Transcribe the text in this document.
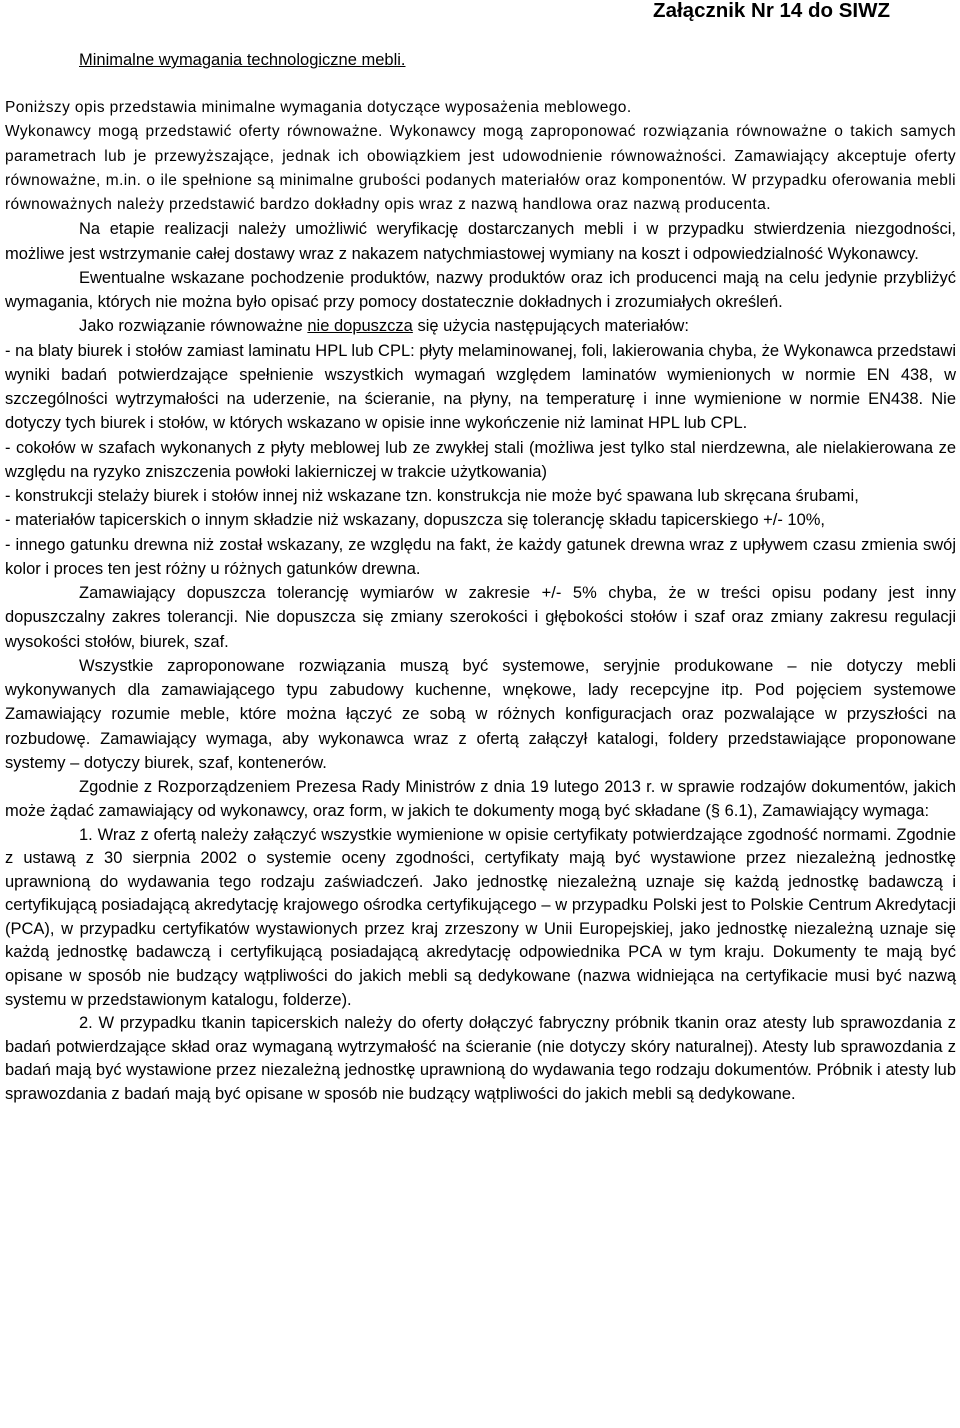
Załącznik Nr 14 do SIWZ

Minimalne wymagania technologiczne mebli.

Poniższy opis przedstawia minimalne wymagania dotyczące wyposażenia meblowego.

Wykonawcy mogą przedstawić oferty równoważne. Wykonawcy mogą zaproponować rozwiązania równoważne o takich samych parametrach lub je przewyższające, jednak ich obowiązkiem jest udowodnienie równoważności. Zamawiający akceptuje oferty równoważne, m.in. o ile spełnione są minimalne grubości podanych materiałów oraz komponentów. W przypadku oferowania mebli równoważnych należy przedstawić bardzo dokładny opis wraz z nazwą handlowa oraz nazwą producenta.

Na etapie realizacji należy umożliwić weryfikację dostarczanych mebli i w przypadku stwierdzenia niezgodności, możliwe jest wstrzymanie całej dostawy wraz z nakazem natychmiastowej wymiany na koszt i odpowiedzialność Wykonawcy.

Ewentualne wskazane pochodzenie produktów, nazwy produktów oraz ich producenci mają na celu jedynie przybliżyć wymagania, których nie można było opisać przy pomocy dostatecznie dokładnych i zrozumiałych określeń.

Jako rozwiązanie równoważne nie dopuszcza się użycia następujących materiałów:

- na blaty biurek i stołów zamiast laminatu HPL lub CPL: płyty melaminowanej, foli, lakierowania chyba, że Wykonawca przedstawi wyniki badań potwierdzające spełnienie wszystkich wymagań względem laminatów wymienionych w normie EN 438, w szczególności wytrzymałości na uderzenie, na ścieranie, na płyny, na temperaturę i inne wymienione w normie EN438. Nie dotyczy tych biurek i stołów, w których wskazano w opisie inne wykończenie niż laminat HPL lub CPL.

- cokołów w szafach wykonanych z płyty meblowej lub ze zwykłej stali (możliwa jest tylko stal nierdzewna, ale nielakierowana ze względu na ryzyko zniszczenia powłoki lakierniczej w trakcie użytkowania)

- konstrukcji stelaży biurek i stołów innej niż wskazane tzn. konstrukcja nie może być spawana lub skręcana śrubami,

- materiałów tapicerskich o innym składzie niż wskazany, dopuszcza się tolerancję składu tapicerskiego +/- 10%,

- innego gatunku drewna niż został wskazany, ze względu na fakt, że każdy gatunek drewna wraz z upływem czasu zmienia swój kolor i proces ten jest różny u różnych gatunków drewna.

Zamawiający dopuszcza tolerancję wymiarów w zakresie +/- 5% chyba, że w treści opisu podany jest inny dopuszczalny zakres tolerancji. Nie dopuszcza się zmiany szerokości i głębokości stołów i szaf oraz zmiany zakresu regulacji wysokości stołów, biurek, szaf.

Wszystkie zaproponowane rozwiązania muszą być systemowe, seryjnie produkowane – nie dotyczy mebli wykonywanych dla zamawiającego typu zabudowy kuchenne, wnękowe, lady recepcyjne itp. Pod pojęciem systemowe Zamawiający rozumie meble, które można łączyć ze sobą w różnych konfiguracjach oraz pozwalające w przyszłości na rozbudowę. Zamawiający wymaga, aby wykonawca wraz z ofertą załączył katalogi, foldery przedstawiające proponowane systemy – dotyczy biurek, szaf, kontenerów.

Zgodnie z Rozporządzeniem Prezesa Rady Ministrów z dnia 19 lutego 2013 r. w sprawie rodzajów dokumentów, jakich może żądać zamawiający od wykonawcy, oraz form, w jakich te dokumenty mogą być składane (§ 6.1), Zamawiający wymaga:

1. Wraz z ofertą należy załączyć wszystkie wymienione w opisie certyfikaty potwierdzające zgodność normami. Zgodnie z ustawą z 30 sierpnia 2002 o systemie oceny zgodności, certyfikaty mają być wystawione przez niezależną jednostkę uprawnioną do wydawania tego rodzaju zaświadczeń. Jako jednostkę niezależną uznaje się każdą jednostkę badawczą i certyfikującą posiadającą akredytację krajowego ośrodka certyfikującego – w przypadku Polski jest to Polskie Centrum Akredytacji (PCA), w przypadku certyfikatów wystawionych przez kraj zrzeszony w Unii Europejskiej, jako jednostkę niezależną uznaje się każdą jednostkę badawczą i certyfikującą posiadającą akredytację odpowiednika PCA w tym kraju. Dokumenty te mają być opisane w sposób nie budzący wątpliwości do jakich mebli są dedykowane (nazwa widniejąca na certyfikacie musi być nazwą systemu w przedstawionym katalogu, folderze).

2. W przypadku tkanin tapicerskich należy do oferty dołączyć fabryczny próbnik tkanin oraz atesty lub sprawozdania z badań potwierdzające skład oraz wymaganą wytrzymałość na ścieranie (nie dotyczy skóry naturalnej). Atesty lub sprawozdania z badań mają być wystawione przez niezależną jednostkę uprawnioną do wydawania tego rodzaju dokumentów. Próbnik i atesty lub sprawozdania z badań mają być opisane w sposób nie budzący wątpliwości do jakich mebli są dedykowane.
